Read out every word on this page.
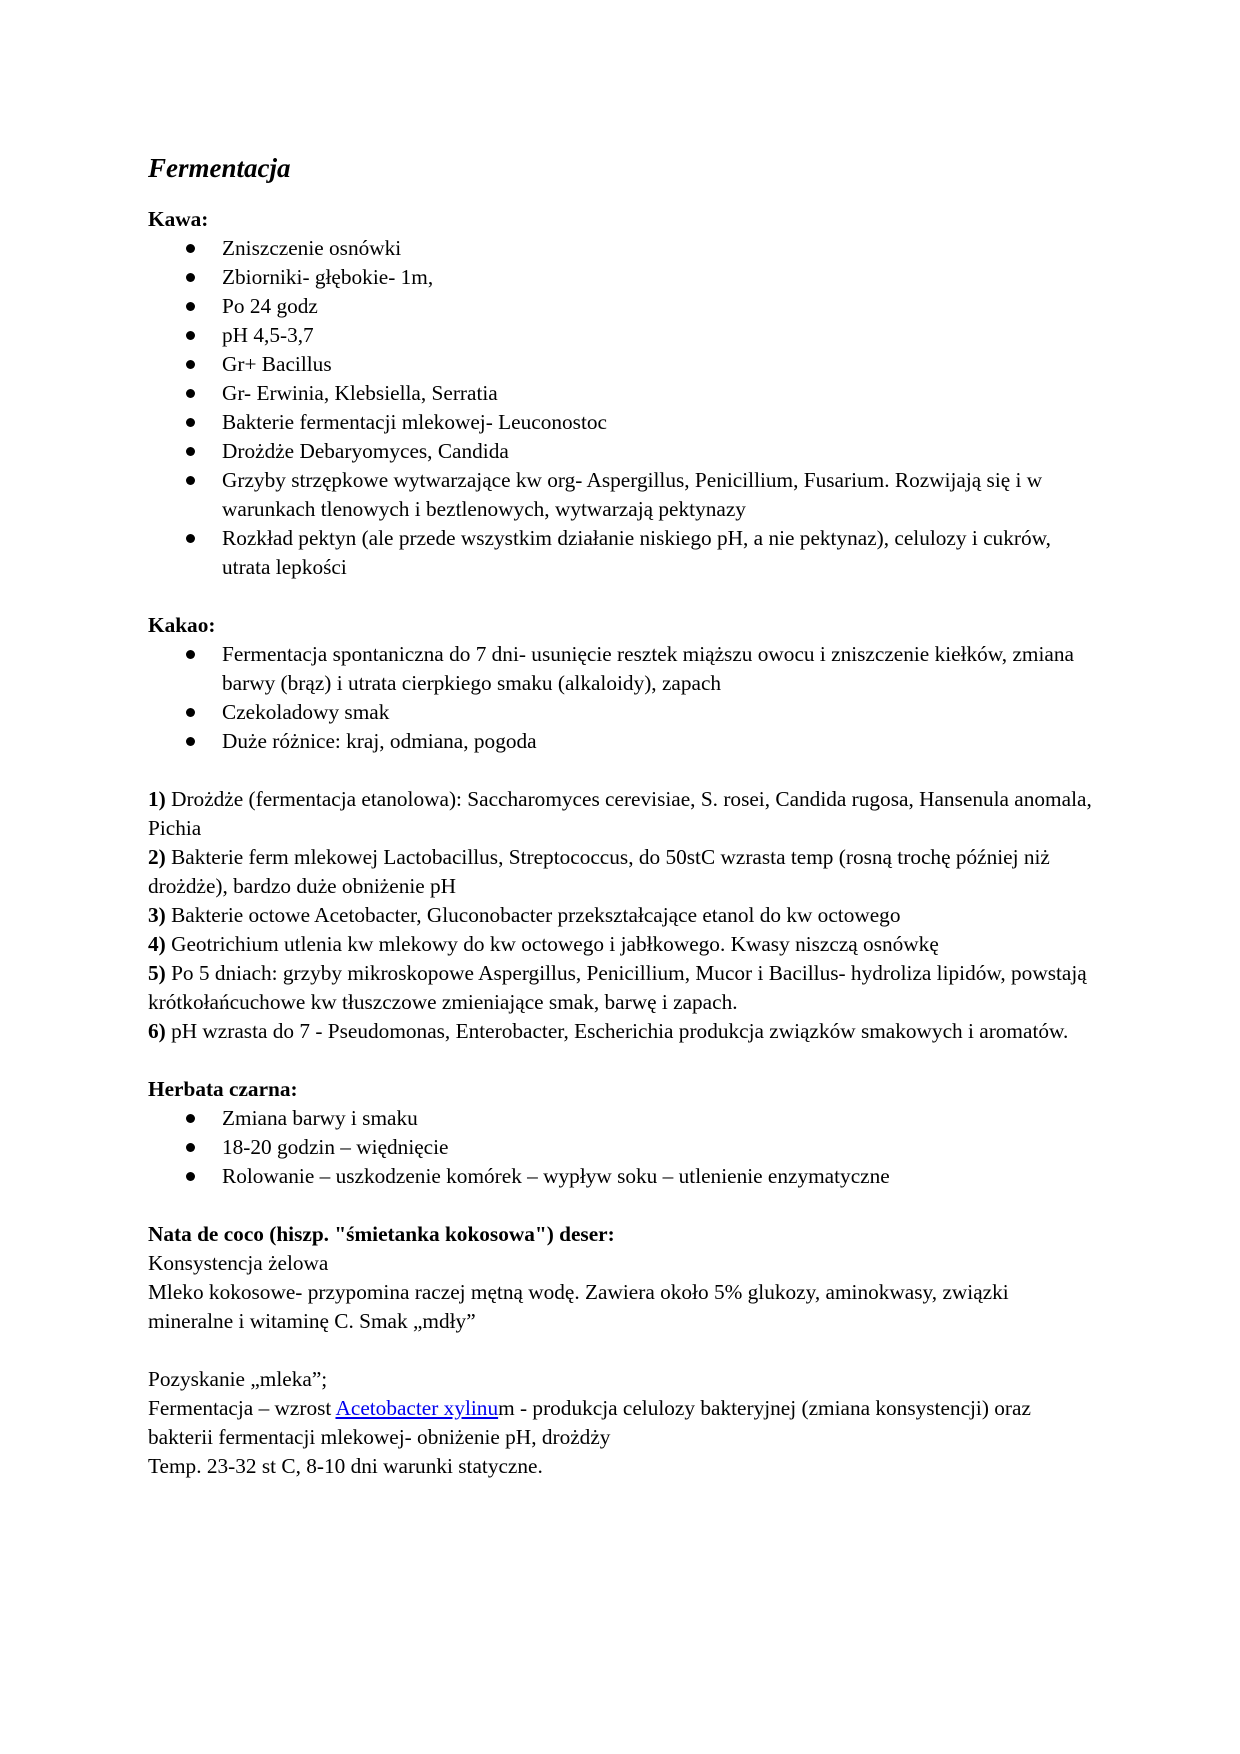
Fermentacja

Kawa:

Zniszczenie osnówki
Zbiorniki- głębokie- 1m,
Po 24 godz
pH 4,5-3,7
Gr+ Bacillus
Gr- Erwinia, Klebsiella, Serratia
Bakterie fermentacji mlekowej- Leuconostoc
Drożdże Debaryomyces, Candida
Grzyby strzępkowe wytwarzające kw org- Aspergillus, Penicillium, Fusarium. Rozwijają się i w warunkach tlenowych i beztlenowych, wytwarzają pektynazy
Rozkład pektyn (ale przede wszystkim działanie niskiego pH, a nie pektynaz), celulozy i cukrów, utrata lepkości

Kakao:

Fermentacja spontaniczna do 7 dni- usunięcie resztek miąższu owocu i zniszczenie kiełków, zmiana barwy (brąz) i utrata cierpkiego smaku (alkaloidy), zapach
Czekoladowy smak
Duże różnice: kraj, odmiana, pogoda

1) Drożdże (fermentacja etanolowa): Saccharomyces cerevisiae, S. rosei, Candida rugosa, Hansenula anomala, Pichia

2) Bakterie ferm mlekowej Lactobacillus, Streptococcus, do 50stC wzrasta temp (rosną trochę później niż drożdże), bardzo duże obniżenie pH

3) Bakterie octowe Acetobacter, Gluconobacter przekształcające etanol do kw octowego

4) Geotrichium utlenia kw mlekowy do kw octowego i jabłkowego. Kwasy niszczą osnówkę

5) Po 5 dniach: grzyby mikroskopowe Aspergillus, Penicillium, Mucor i Bacillus- hydroliza lipidów, powstają krótkołańcuchowe kw tłuszczowe zmieniające smak, barwę i zapach.

6) pH wzrasta do 7 - Pseudomonas, Enterobacter, Escherichia produkcja związków smakowych i aromatów.

Herbata czarna:

Zmiana barwy i smaku
18-20 godzin – więdnięcie
Rolowanie – uszkodzenie komórek – wypływ soku – utlenienie enzymatyczne

Nata de coco (hiszp. "śmietanka kokosowa") deser:

Konsystencja żelowa

Mleko kokosowe- przypomina raczej mętną wodę. Zawiera około 5% glukozy, aminokwasy, związki mineralne i witaminę C. Smak „mdły”

Pozyskanie „mleka”;

Fermentacja – wzrost Acetobacter xylinum - produkcja celulozy bakteryjnej (zmiana konsystencji) oraz bakterii fermentacji mlekowej- obniżenie pH, drożdży

Temp. 23-32 st C, 8-10 dni warunki statyczne.
